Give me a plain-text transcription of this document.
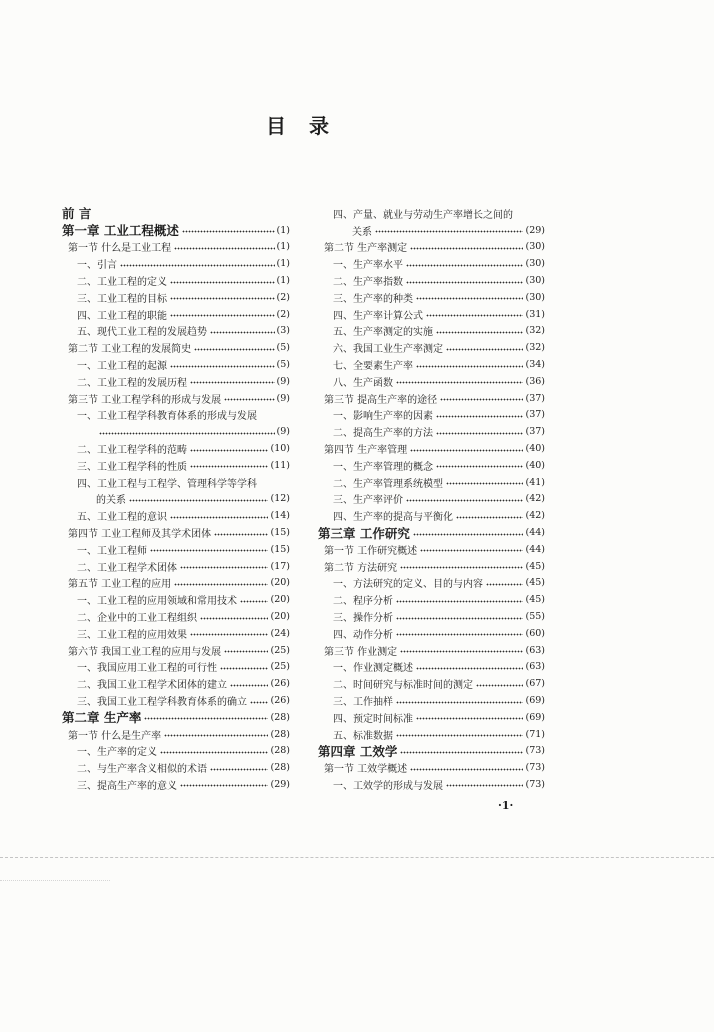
目 录
前 言
第一章 工业工程概述	(1)
第一节 什么是工业工程	(1)
一、引言	(1)
二、工业工程的定义	(1)
三、工业工程的目标	(2)
四、工业工程的职能	(2)
五、现代工业工程的发展趋势	(3)
第二节 工业工程的发展简史	(5)
一、工业工程的起源	(5)
二、工业工程的发展历程	(9)
第三节 工业工程学科的形成与发展	(9)
一、工业工程学科教育体系的形成与发展
(9)
二、工业工程学科的范畴	(10)
三、工业工程学科的性质	(11)
四、工业工程与工程学、管理科学等学科
的关系	(12)
五、工业工程的意识	(14)
第四节 工业工程师及其学术团体	(15)
一、工业工程师	(15)
二、工业工程学术团体	(17)
第五节 工业工程的应用	(20)
一、工业工程的应用领域和常用技术	(20)
二、企业中的工业工程组织	(20)
三、工业工程的应用效果	(24)
第六节 我国工业工程的应用与发展	(25)
一、我国应用工业工程的可行性	(25)
二、我国工业工程学术团体的建立	(26)
三、我国工业工程学科教育体系的确立 (26)
第二章 生产率	(28)
第一节 什么是生产率	(28)
一、生产率的定义	(28)
二、与生产率含义相似的术语	(28)
三、提高生产率的意义	(29)
四、产量、就业与劳动生产率增长之间的
关系	(29)
第二节 生产率测定	(30)
一、生产率水平	(30)
二、生产率指数	(30)
三、生产率的种类	(30)
四、生产率计算公式	(31)
五、生产率测定的实施	(32)
六、我国工业生产率测定	(32)
七、全要素生产率	(34)
八、生产函数	(36)
第三节 提高生产率的途径	(37)
一、影响生产率的因素	(37)
二、提高生产率的方法	(37)
第四节 生产率管理	(40)
一、生产率管理的概念	(40)
二、生产率管理系统模型	(41)
三、生产率评价	(42)
四、生产率的提高与平衡化	(42)
第三章 工作研究	(44)
第一节 工作研究概述	(44)
第二节 方法研究	(45)
一、方法研究的定义、目的与内容	(45)
二、程序分析	(45)
三、操作分析	(55)
四、动作分析	(60)
第三节 作业测定	(63)
一、作业测定概述	(63)
二、时间研究与标准时间的测定	(67)
三、工作抽样	(69)
四、预定时间标准	(69)
五、标准数据	(71)
第四章 工效学	(73)
第一节 工效学概述	(73)
一、工效学的形成与发展	(73)
·1·
